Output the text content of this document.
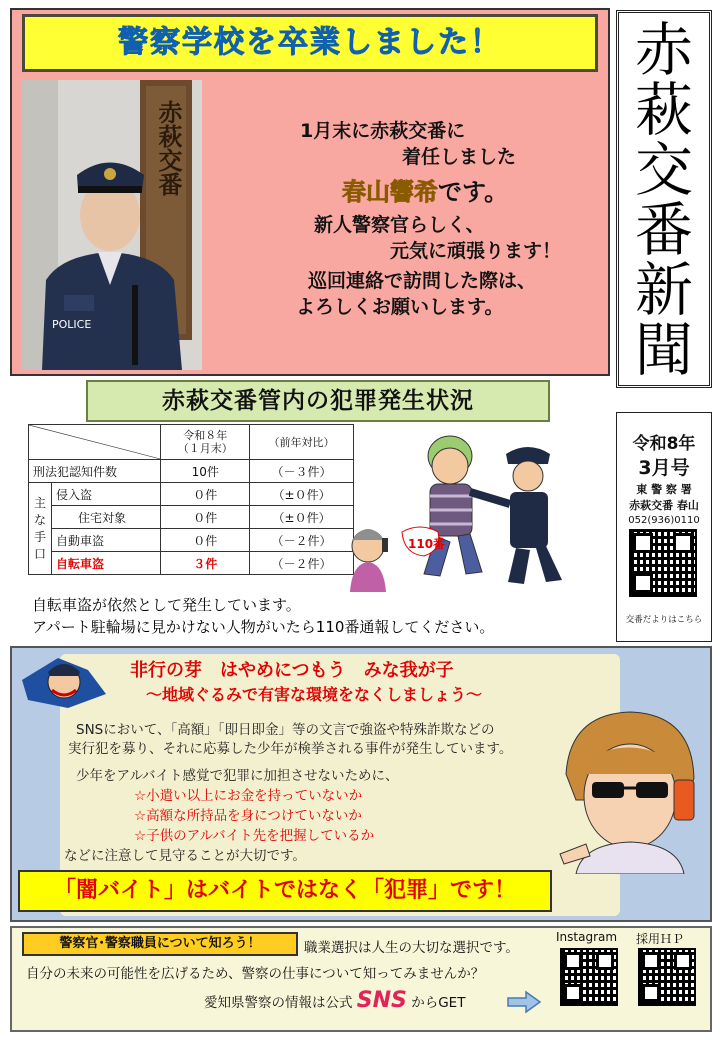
警察学校を卒業しました！
POLICE
赤萩交番	1月末に赤萩交番に
着任しました
春山響希です。
新人警察官らしく、
元気に頑張ります！
巡回連絡で訪問した際は、
よろしくお願いします。
赤
萩
交
番
新
聞
令和8年
3月号
東 警 察 署
赤萩交番 春山
052(936)0110
交番だよりはこちら
赤萩交番管内の犯罪発生状況

令和８年
（１月末）	（前年対比）
刑法犯認知件数		10件	（－３件）

主
な
手
口	侵入盗	０件	（±０件）
	住宅対象	０件	（±０件）
	自動車盗	０件	（－２件）
	自転車盗	３件	（－２件）
110番
自転車盗が依然として発生しています。
アパート駐輪場に見かけない人物がいたら110番通報してください。
非行の芽　はやめにつもう　みな我が子
～地域ぐるみで有害な環境をなくしましょう～
SNSにおいて、「高額」「即日即金」等の文言で強盗や特殊詐欺などの
実行犯を募り、それに応募した少年が検挙される事件が発生しています。
少年をアルバイト感覚で犯罪に加担させないために、
☆小遣い以上にお金を持っていないか
☆高額な所持品を身につけていないか
☆子供のアルバイト先を把握しているか
などに注意して見守ることが大切です。
「闇バイト」はバイトではなく「犯罪」です！
警察官･警察職員について知ろう！	職業選択は人生の大切な選択です。
自分の未来の可能性を広げるため、警察の仕事について知ってみませんか？
愛知県警察の情報は公式 SNS からGET
Instagram 採用ＨＰ
